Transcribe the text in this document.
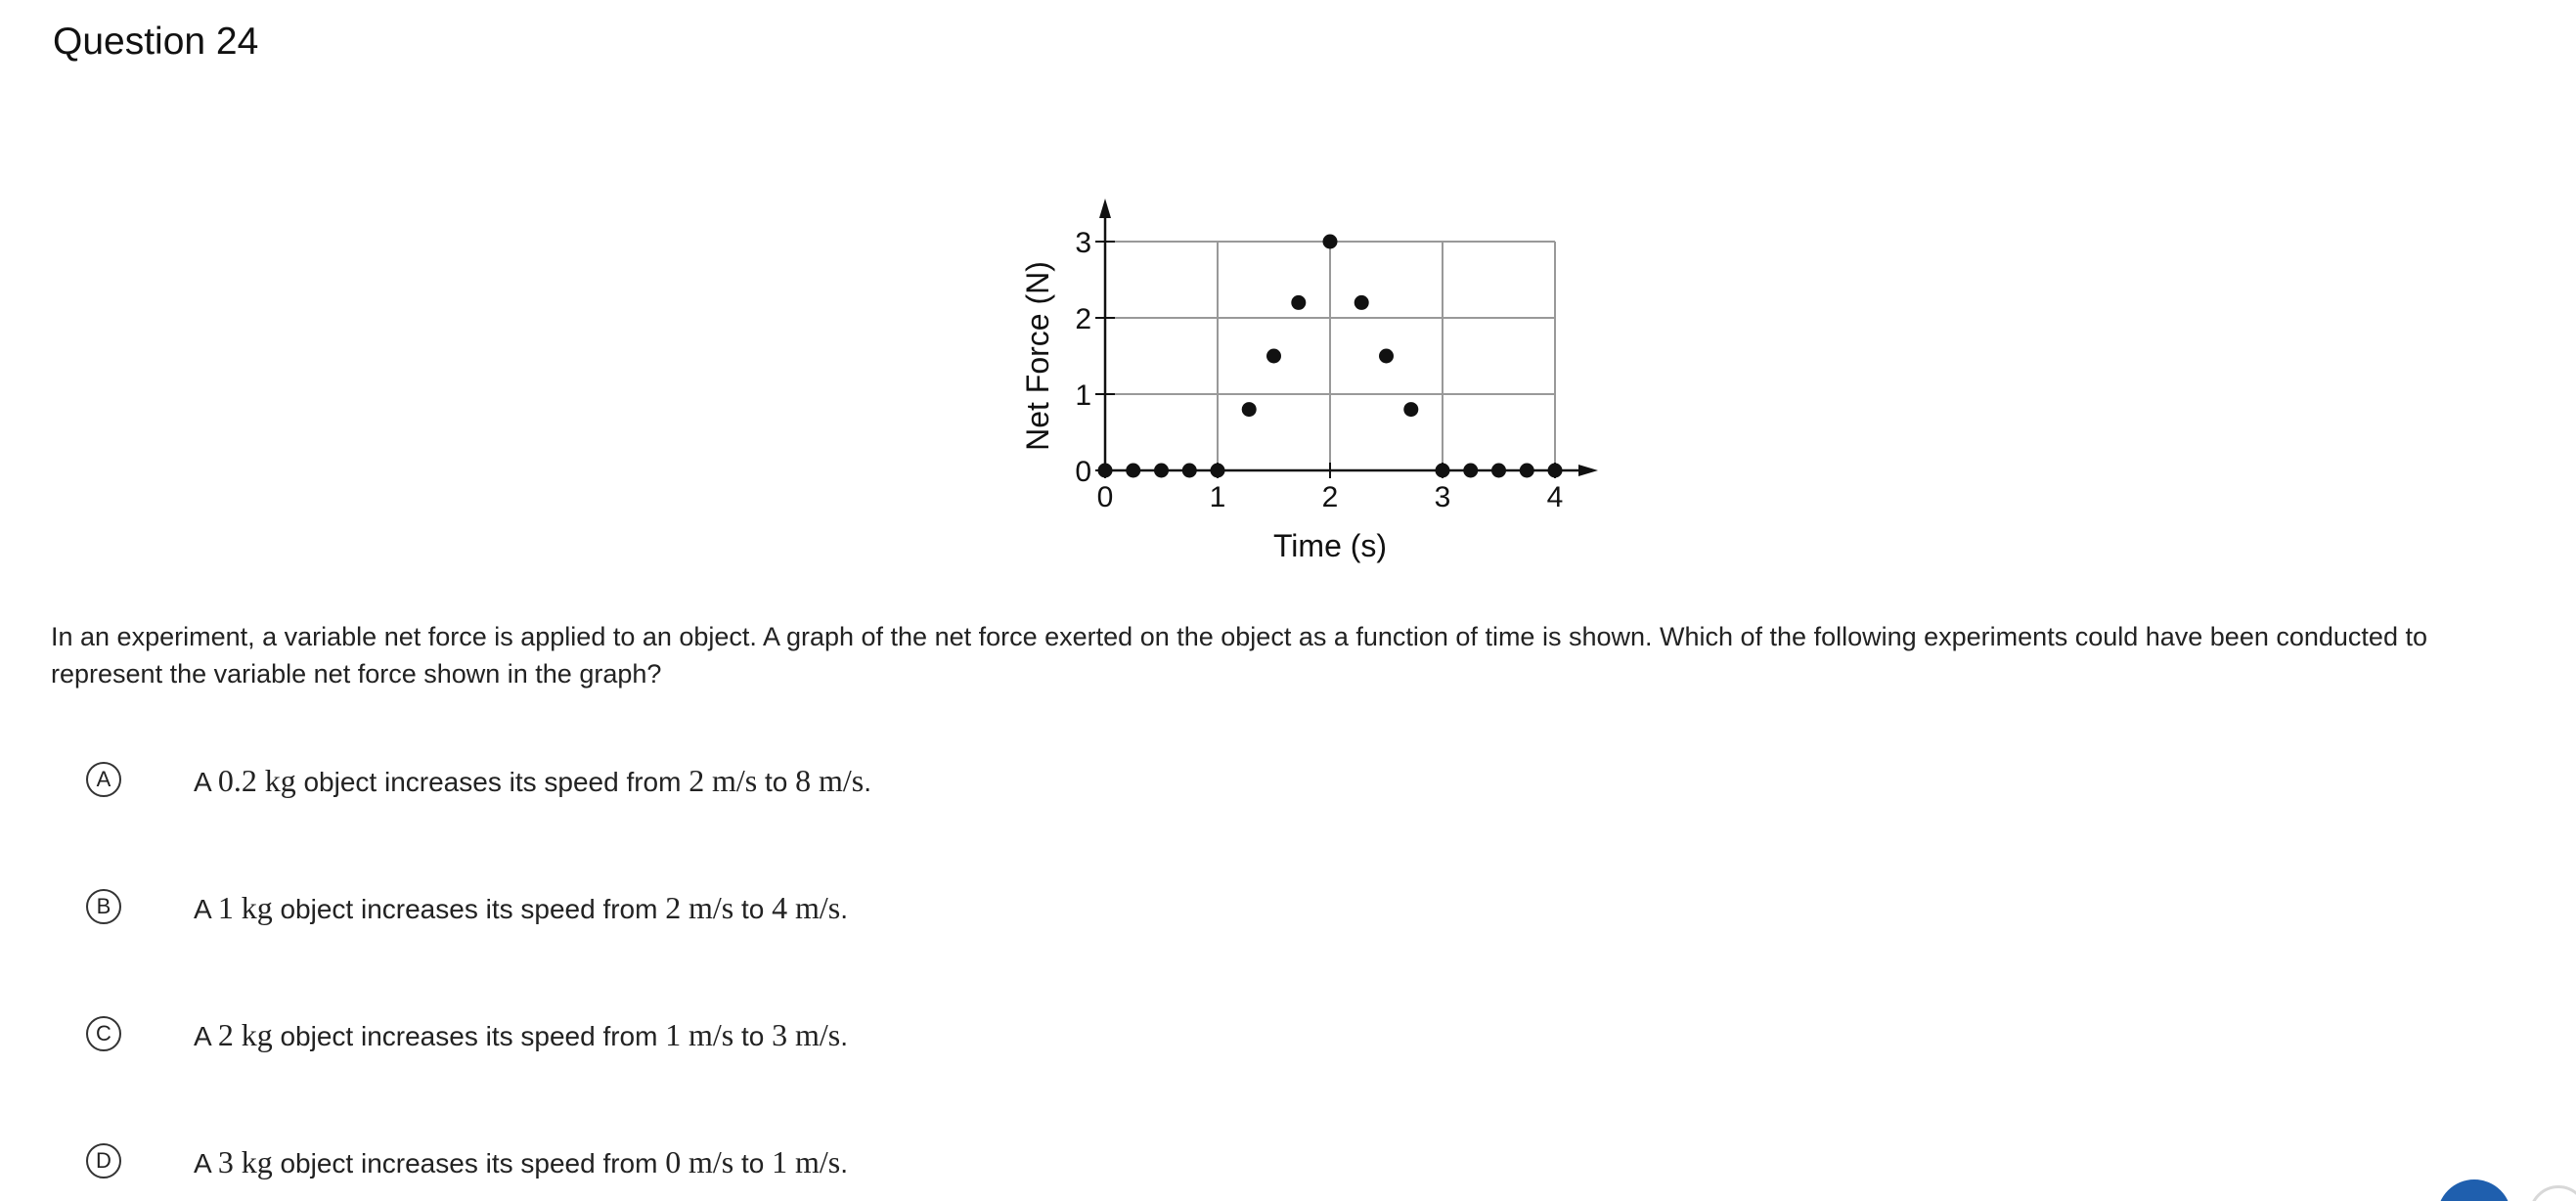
Question 24
0	1	2	3	4
0
1
2
3
Time (s)
Net Force (N)

In an experiment, a variable net force is applied to an object. A graph of the net force exerted on the object as a function of time is shown. Which of the following experiments could have been conducted to represent the variable net force shown in the graph?

A	A 0.2 kg object increases its speed from 2 m/s to 8 m/s.
B	A 1 kg object increases its speed from 2 m/s to 4 m/s.
C	A 2 kg object increases its speed from 1 m/s to 3 m/s.
D	A 3 kg object increases its speed from 0 m/s to 1 m/s.
